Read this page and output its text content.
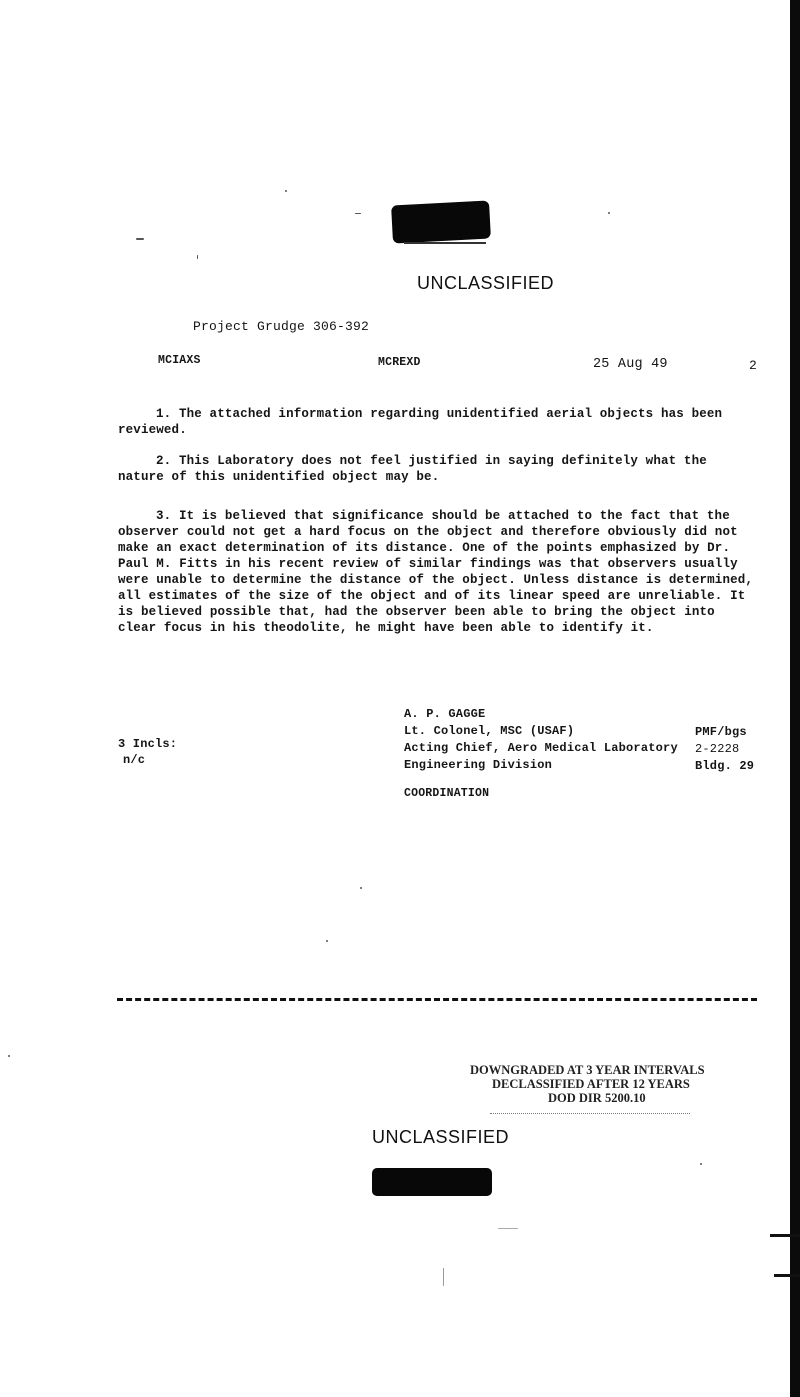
UNCLASSIFIED
Project Grudge 306-392
MCIAXS	MCREXD	25 Aug 49	2

1. The attached information regarding unidentified aerial objects has been reviewed.

2. This Laboratory does not feel justified in saying definitely what the nature of this unidentified object may be.

3. It is believed that significance should be attached to the fact that the observer could not get a hard focus on the object and therefore obviously did not make an exact determination of its distance. One of the points emphasized by Dr. Paul M. Fitts in his recent review of similar findings was that observers usually were unable to determine the distance of the object. Unless distance is determined, all estimates of the size of the object and of its linear speed are unreliable. It is believed possible that, had the observer been able to bring the object into clear focus in his theodolite, he might have been able to identify it.

A. P. GAGGE
Lt. Colonel, MSC (USAF)
Acting Chief, Aero Medical Laboratory
Engineering Division
COORDINATION
PMF/bgs
2-2228
Bldg. 29
3 Incls:
n/c
DOWNGRADED AT 3 YEAR INTERVALS
DECLASSIFIED AFTER 12 YEARS
DOD DIR 5200.10
UNCLASSIFIED
